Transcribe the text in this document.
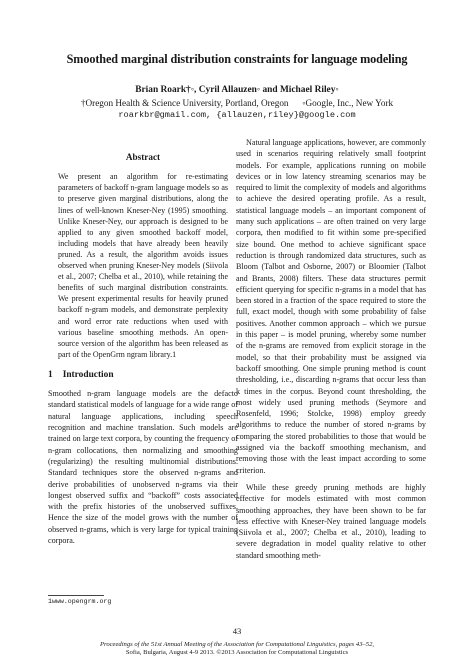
Smoothed marginal distribution constraints for language modeling
Brian Roark†◦, Cyril Allauzen◦ and Michael Riley◦
†Oregon Health & Science University, Portland, Oregon      ◦Google, Inc., New York
roarkbr@gmail.com, {allauzen,riley}@google.com
Abstract

We present an algorithm for re-estimating parameters of backoff n-gram language models so as to preserve given marginal distributions, along the lines of well-known Kneser-Ney (1995) smoothing. Unlike Kneser-Ney, our approach is designed to be applied to any given smoothed backoff model, including models that have already been heavily pruned. As a result, the algorithm avoids issues observed when pruning Kneser-Ney models (Siivola et al., 2007; Chelba et al., 2010), while retaining the benefits of such marginal distribution constraints. We present experimental results for heavily pruned backoff n-gram models, and demonstrate perplexity and word error rate reductions when used with various baseline smoothing methods. An open-source version of the algorithm has been released as part of the OpenGrm ngram library.1

1 Introduction

Smoothed n-gram language models are the defacto standard statistical models of language for a wide range of natural language applications, including speech recognition and machine translation. Such models are trained on large text corpora, by counting the frequency of n-gram collocations, then normalizing and smoothing (regularizing) the resulting multinomial distributions. Standard techniques store the observed n-grams and derive probabilities of unobserved n-grams via their longest observed suffix and “backoff” costs associated with the prefix histories of the unobserved suffixes. Hence the size of the model grows with the number of observed n-grams, which is very large for typical training corpora.

Natural language applications, however, are commonly used in scenarios requiring relatively small footprint models. For example, applications running on mobile devices or in low latency streaming scenarios may be required to limit the complexity of models and algorithms to achieve the desired operating profile. As a result, statistical language models – an important component of many such applications – are often trained on very large corpora, then modified to fit within some pre-specified size bound. One method to achieve significant space reduction is through randomized data structures, such as Bloom (Talbot and Osborne, 2007) or Bloomier (Talbot and Brants, 2008) filters. These data structures permit efficient querying for specific n-grams in a model that has been stored in a fraction of the space required to store the full, exact model, though with some probability of false positives. Another common approach – which we pursue in this paper – is model pruning, whereby some number of the n-grams are removed from explicit storage in the model, so that their probability must be assigned via backoff smoothing. One simple pruning method is count thresholding, i.e., discarding n-grams that occur less than k times in the corpus. Beyond count thresholding, the most widely used pruning methods (Seymore and Rosenfeld, 1996; Stolcke, 1998) employ greedy algorithms to reduce the number of stored n-grams by comparing the stored probabilities to those that would be assigned via the backoff smoothing mechanism, and removing those with the least impact according to some criterion.

While these greedy pruning methods are highly effective for models estimated with most common smoothing approaches, they have been shown to be far less effective with Kneser-Ney trained language models (Siivola et al., 2007; Chelba et al., 2010), leading to severe degradation in model quality relative to other standard smoothing meth-

1www.opengrm.org
43
Proceedings of the 51st Annual Meeting of the Association for Computational Linguistics, pages 43–52,
Sofia, Bulgaria, August 4-9 2013. ©2013 Association for Computational Linguistics
